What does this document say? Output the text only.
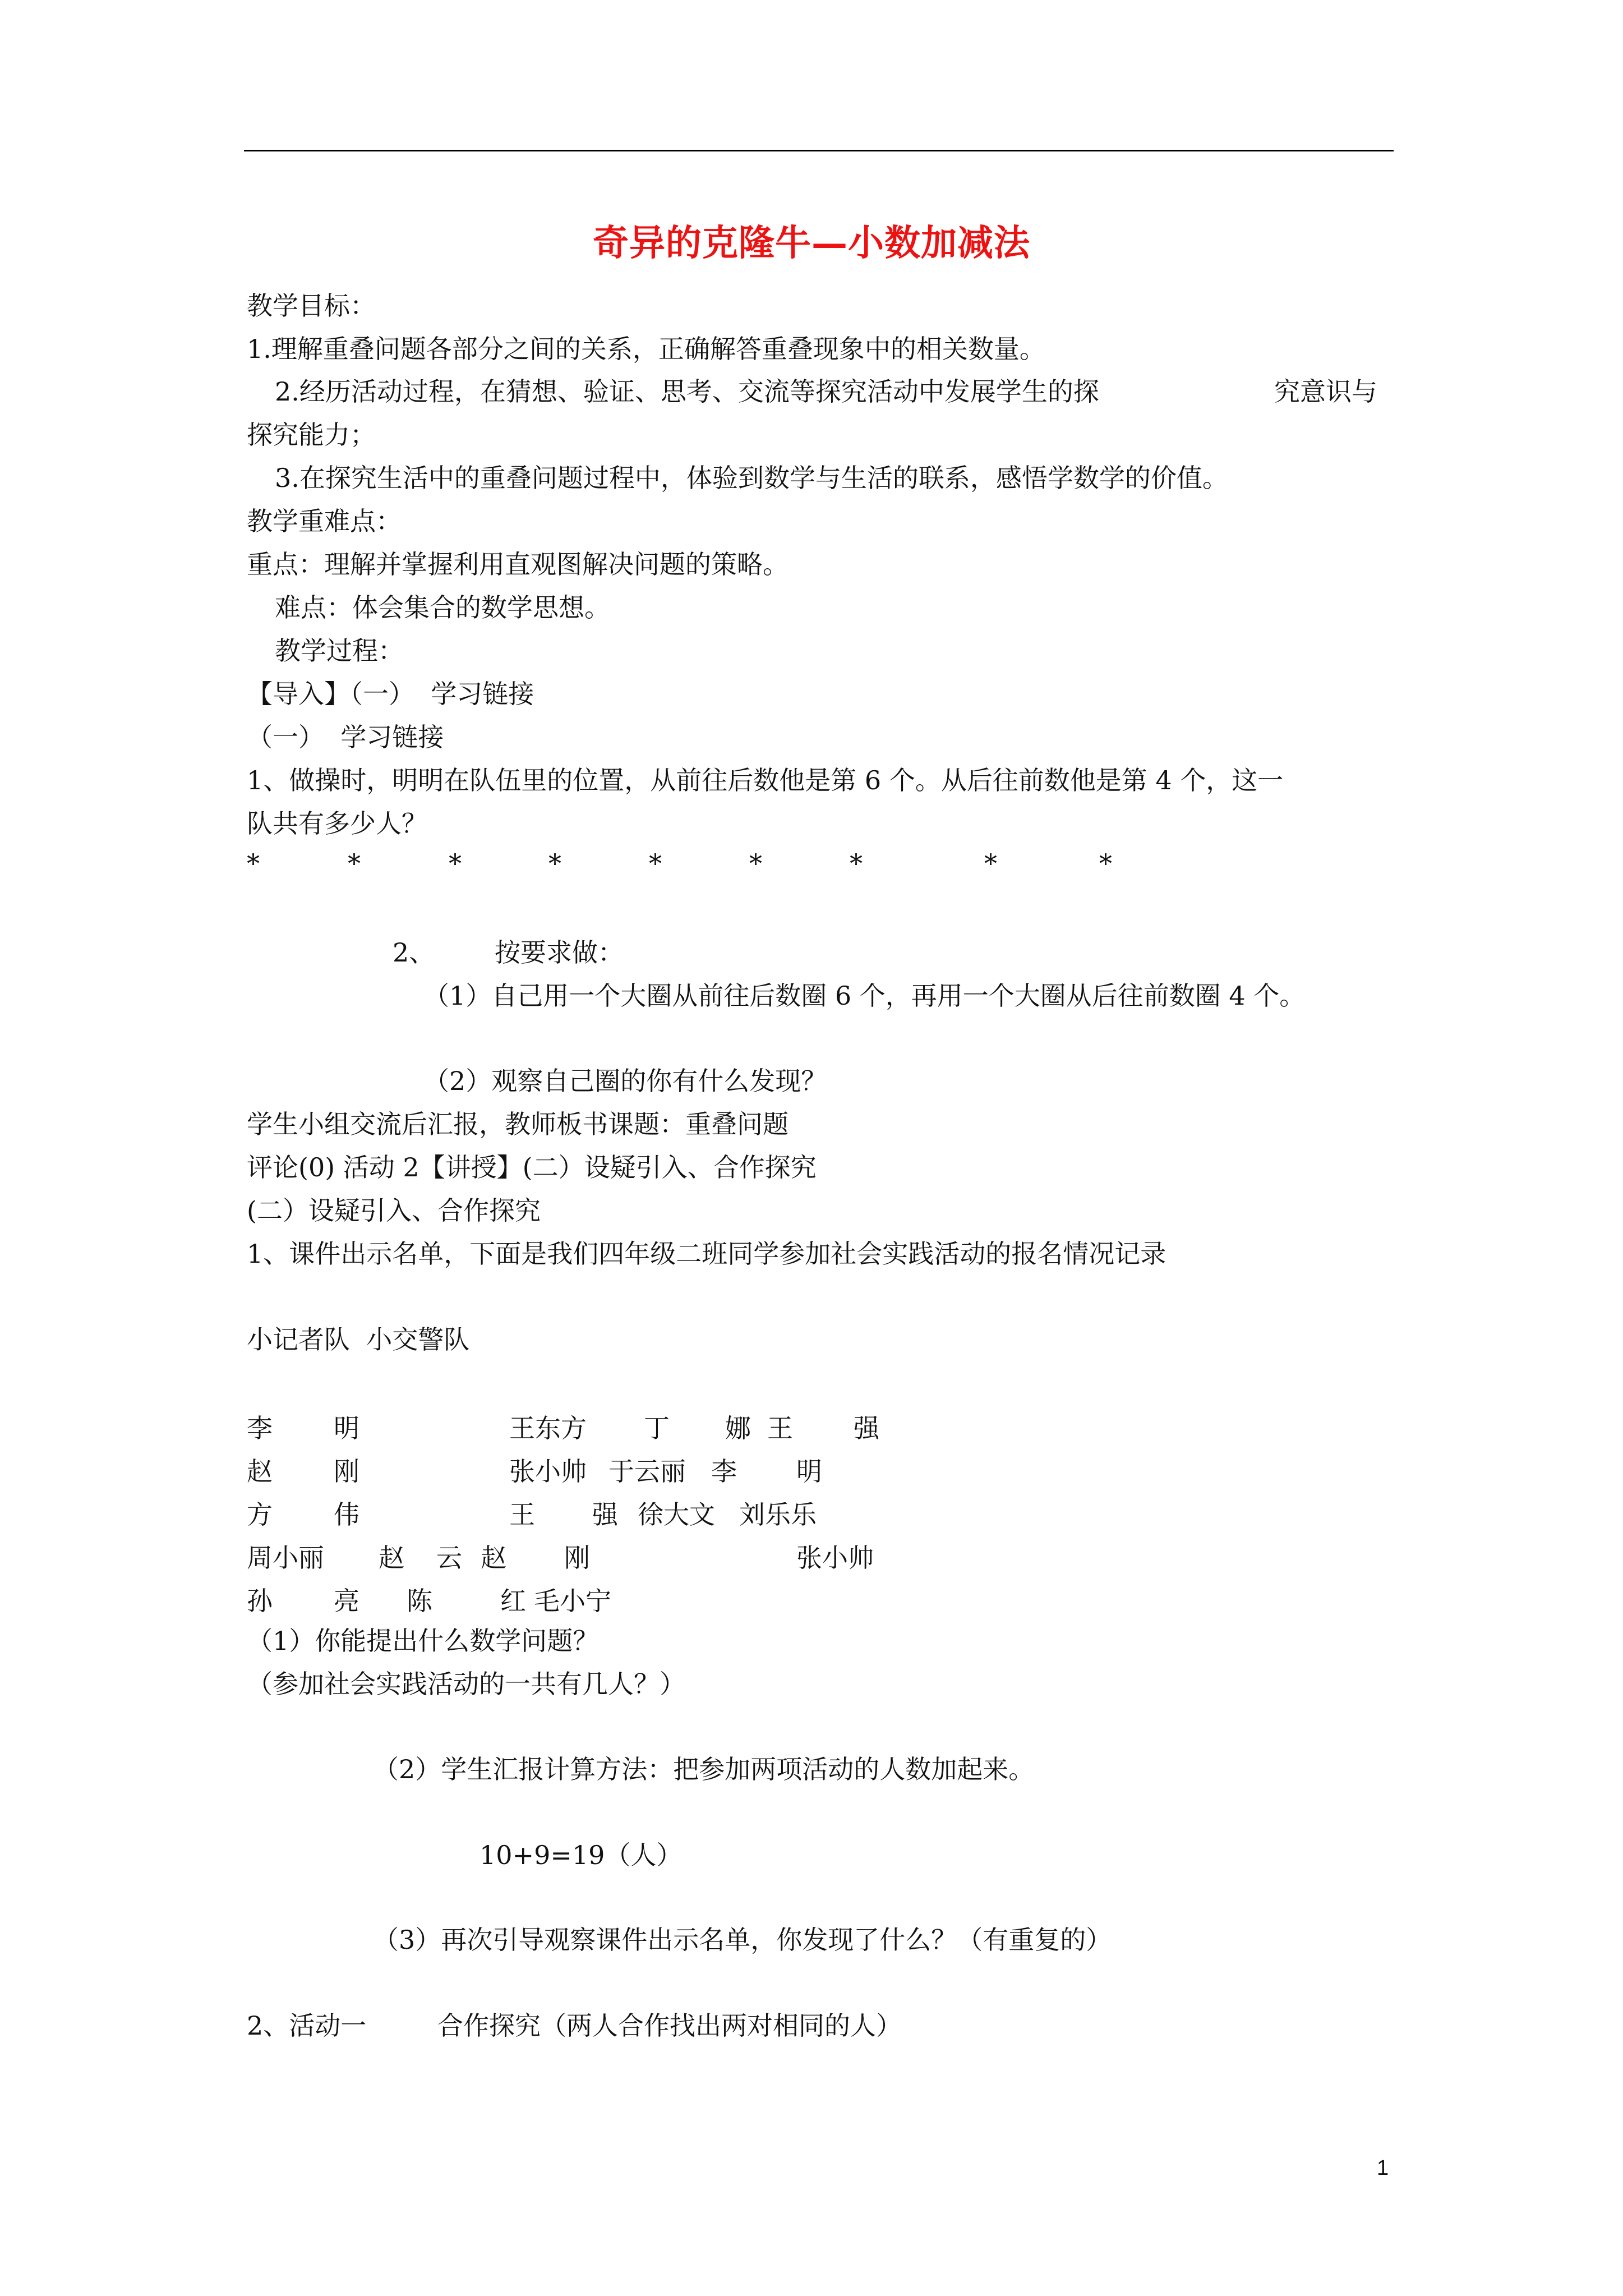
奇异的克隆牛—小数加减法
教学目标：
1.理解重叠问题各部分之间的关系，正确解答重叠现象中的相关数量。
2.经历活动过程，在猜想、验证、思考、交流等探究活动中发展学生的探	究意识与
探究能力；
3.在探究生活中的重叠问题过程中，体验到数学与生活的联系，感悟学数学的价值。
教学重难点：
重点：理解并掌握利用直观图解决问题的策略。
难点：体会集合的数学思想。
教学过程：
【导入】（一）  学习链接
（一）  学习链接
1、做操时，明明在队伍里的位置，从前往后数他是第 6 个。从后往前数他是第 4 个，这一
队共有多少人？
*	*	*	*	*	*	*	*	*
2、 按要求做：
（1）自己用一个大圈从前往后数圈 6 个，再用一个大圈从后往前数圈 4 个。
（2）观察自己圈的你有什么发现？
学生小组交流后汇报，教师板书课题：重叠问题
评论(0) 活动 2【讲授】(二）设疑引入、合作探究
(二）设疑引入、合作探究
1、课件出示名单，下面是我们四年级二班同学参加社会实践活动的报名情况记录
小记者队  小交警队
李 明	王东方 丁 娜 王 强
赵 刚	张小帅 于云丽 李 明
方 伟	王 强 徐大文 刘乐乐
周小丽 赵 云 赵 刚	张小帅
孙 亮 陈	红 毛小宁
（1）你能提出什么数学问题？
（参加社会实践活动的一共有几人？）
（2）学生汇报计算方法：把参加两项活动的人数加起来。
10+9=19（人）
（3）再次引导观察课件出示名单，你发现了什么？（有重复的）
2、活动一	合作探究（两人合作找出两对相同的人）
1
